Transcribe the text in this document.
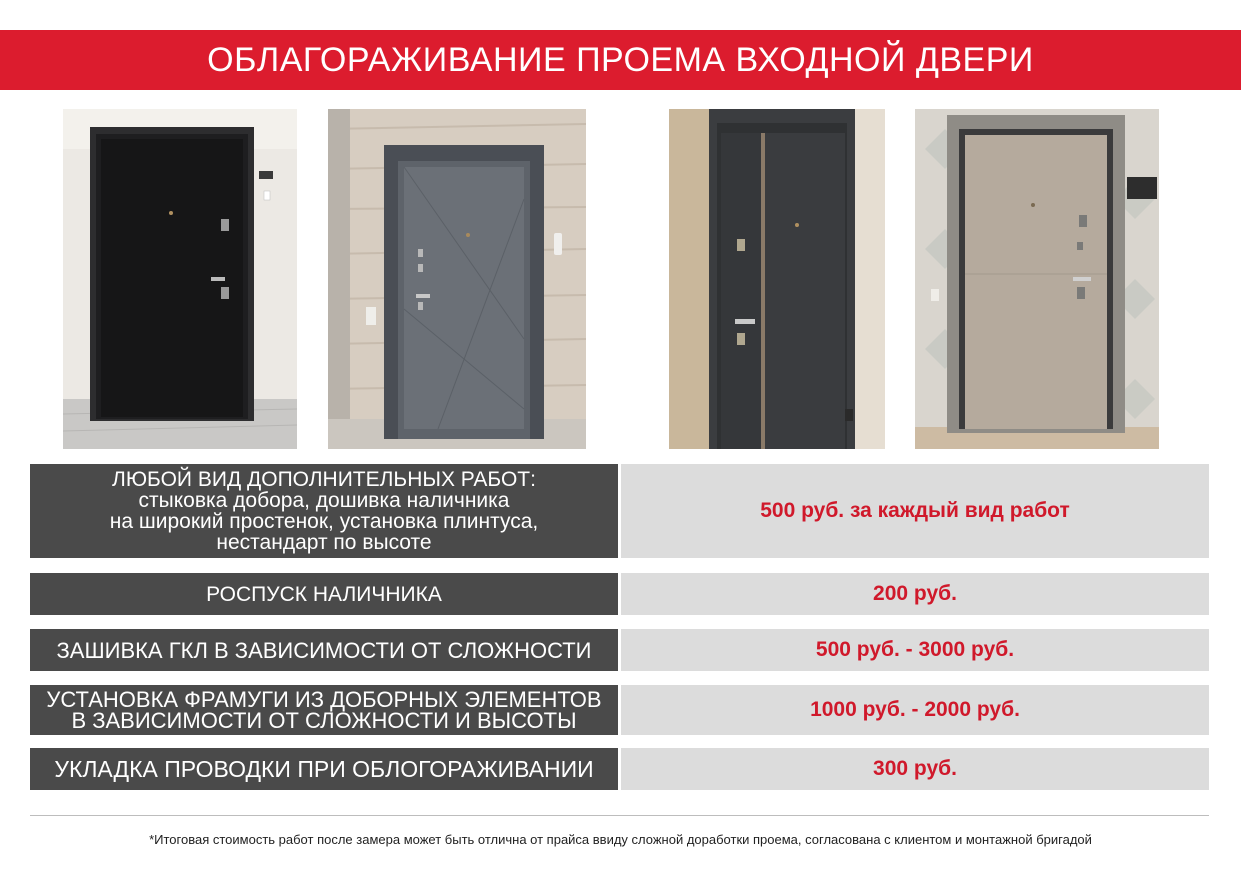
ОБЛАГОРАЖИВАНИЕ ПРОЕМА ВХОДНОЙ ДВЕРИ
ЛЮБОЙ ВИД ДОПОЛНИТЕЛЬНЫХ РАБОТ:
стыковка добора, дошивка наличника
на широкий простенок, установка плинтуса,
нестандарт по высоте
500 руб. за каждый вид работ
РОСПУСК НАЛИЧНИКА	200 руб.
ЗАШИВКА ГКЛ В ЗАВИСИМОСТИ ОТ СЛОЖНОСТИ	500 руб. - 3000 руб.
УСТАНОВКА ФРАМУГИ ИЗ ДОБОРНЫХ ЭЛЕМЕНТОВ
В ЗАВИСИМОСТИ ОТ СЛОЖНОСТИ И ВЫСОТЫ	1000 руб. - 2000 руб.
УКЛАДКА ПРОВОДКИ ПРИ ОБЛОГОРАЖИВАНИИ	300 руб.
*Итоговая стоимость работ после замера может быть отлична от прайса ввиду сложной доработки проема, согласована с клиентом и монтажной бригадой
